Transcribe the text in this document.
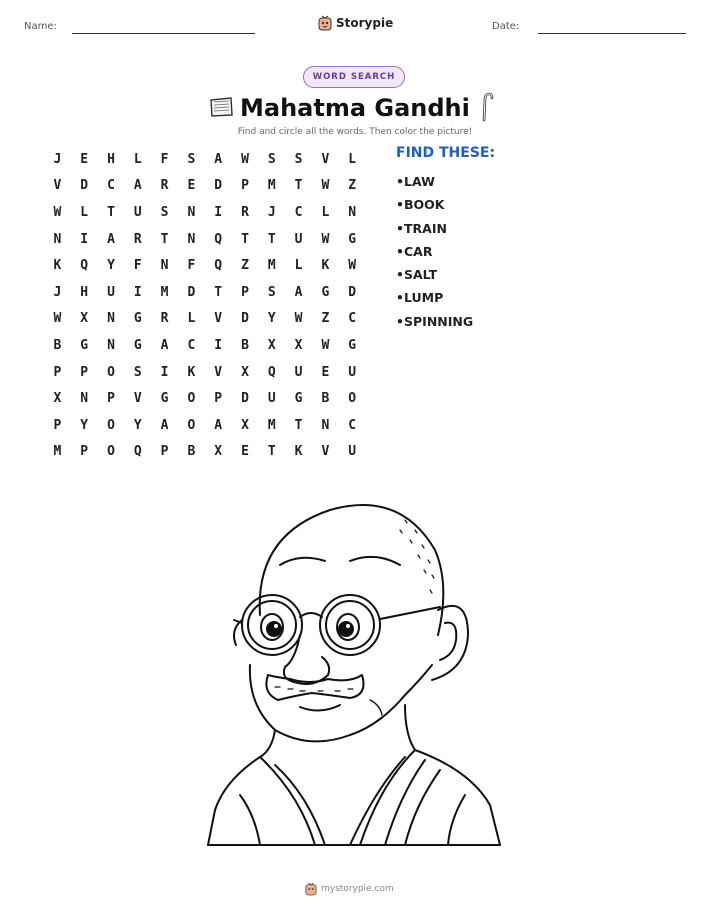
Name:	Storypie	Date:
WORD SEARCH
Mahatma Gandhi
Find and circle all the words. Then color the picture!
J	E	H	L	F	S	A	W	S	S	V	L
V	D	C	A	R	E	D	P	M	T	W	Z
W	L	T	U	S	N	I	R	J	C	L	N
N	I	A	R	T	N	Q	T	T	U	W	G
K	Q	Y	F	N	F	Q	Z	M	L	K	W
J	H	U	I	M	D	T	P	S	A	G	D
W	X	N	G	R	L	V	D	Y	W	Z	C
B	G	N	G	A	C	I	B	X	X	W	G
P	P	O	S	I	K	V	X	Q	U	E	U
X	N	P	V	G	O	P	D	U	G	B	O
P	Y	O	Y	A	O	A	X	M	T	N	C
M	P	O	Q	P	B	X	E	T	K	V	U
FIND THESE:
• LAW
• BOOK
• TRAIN
• CAR
• SALT
• LUMP
• SPINNING
mystorypie.com
